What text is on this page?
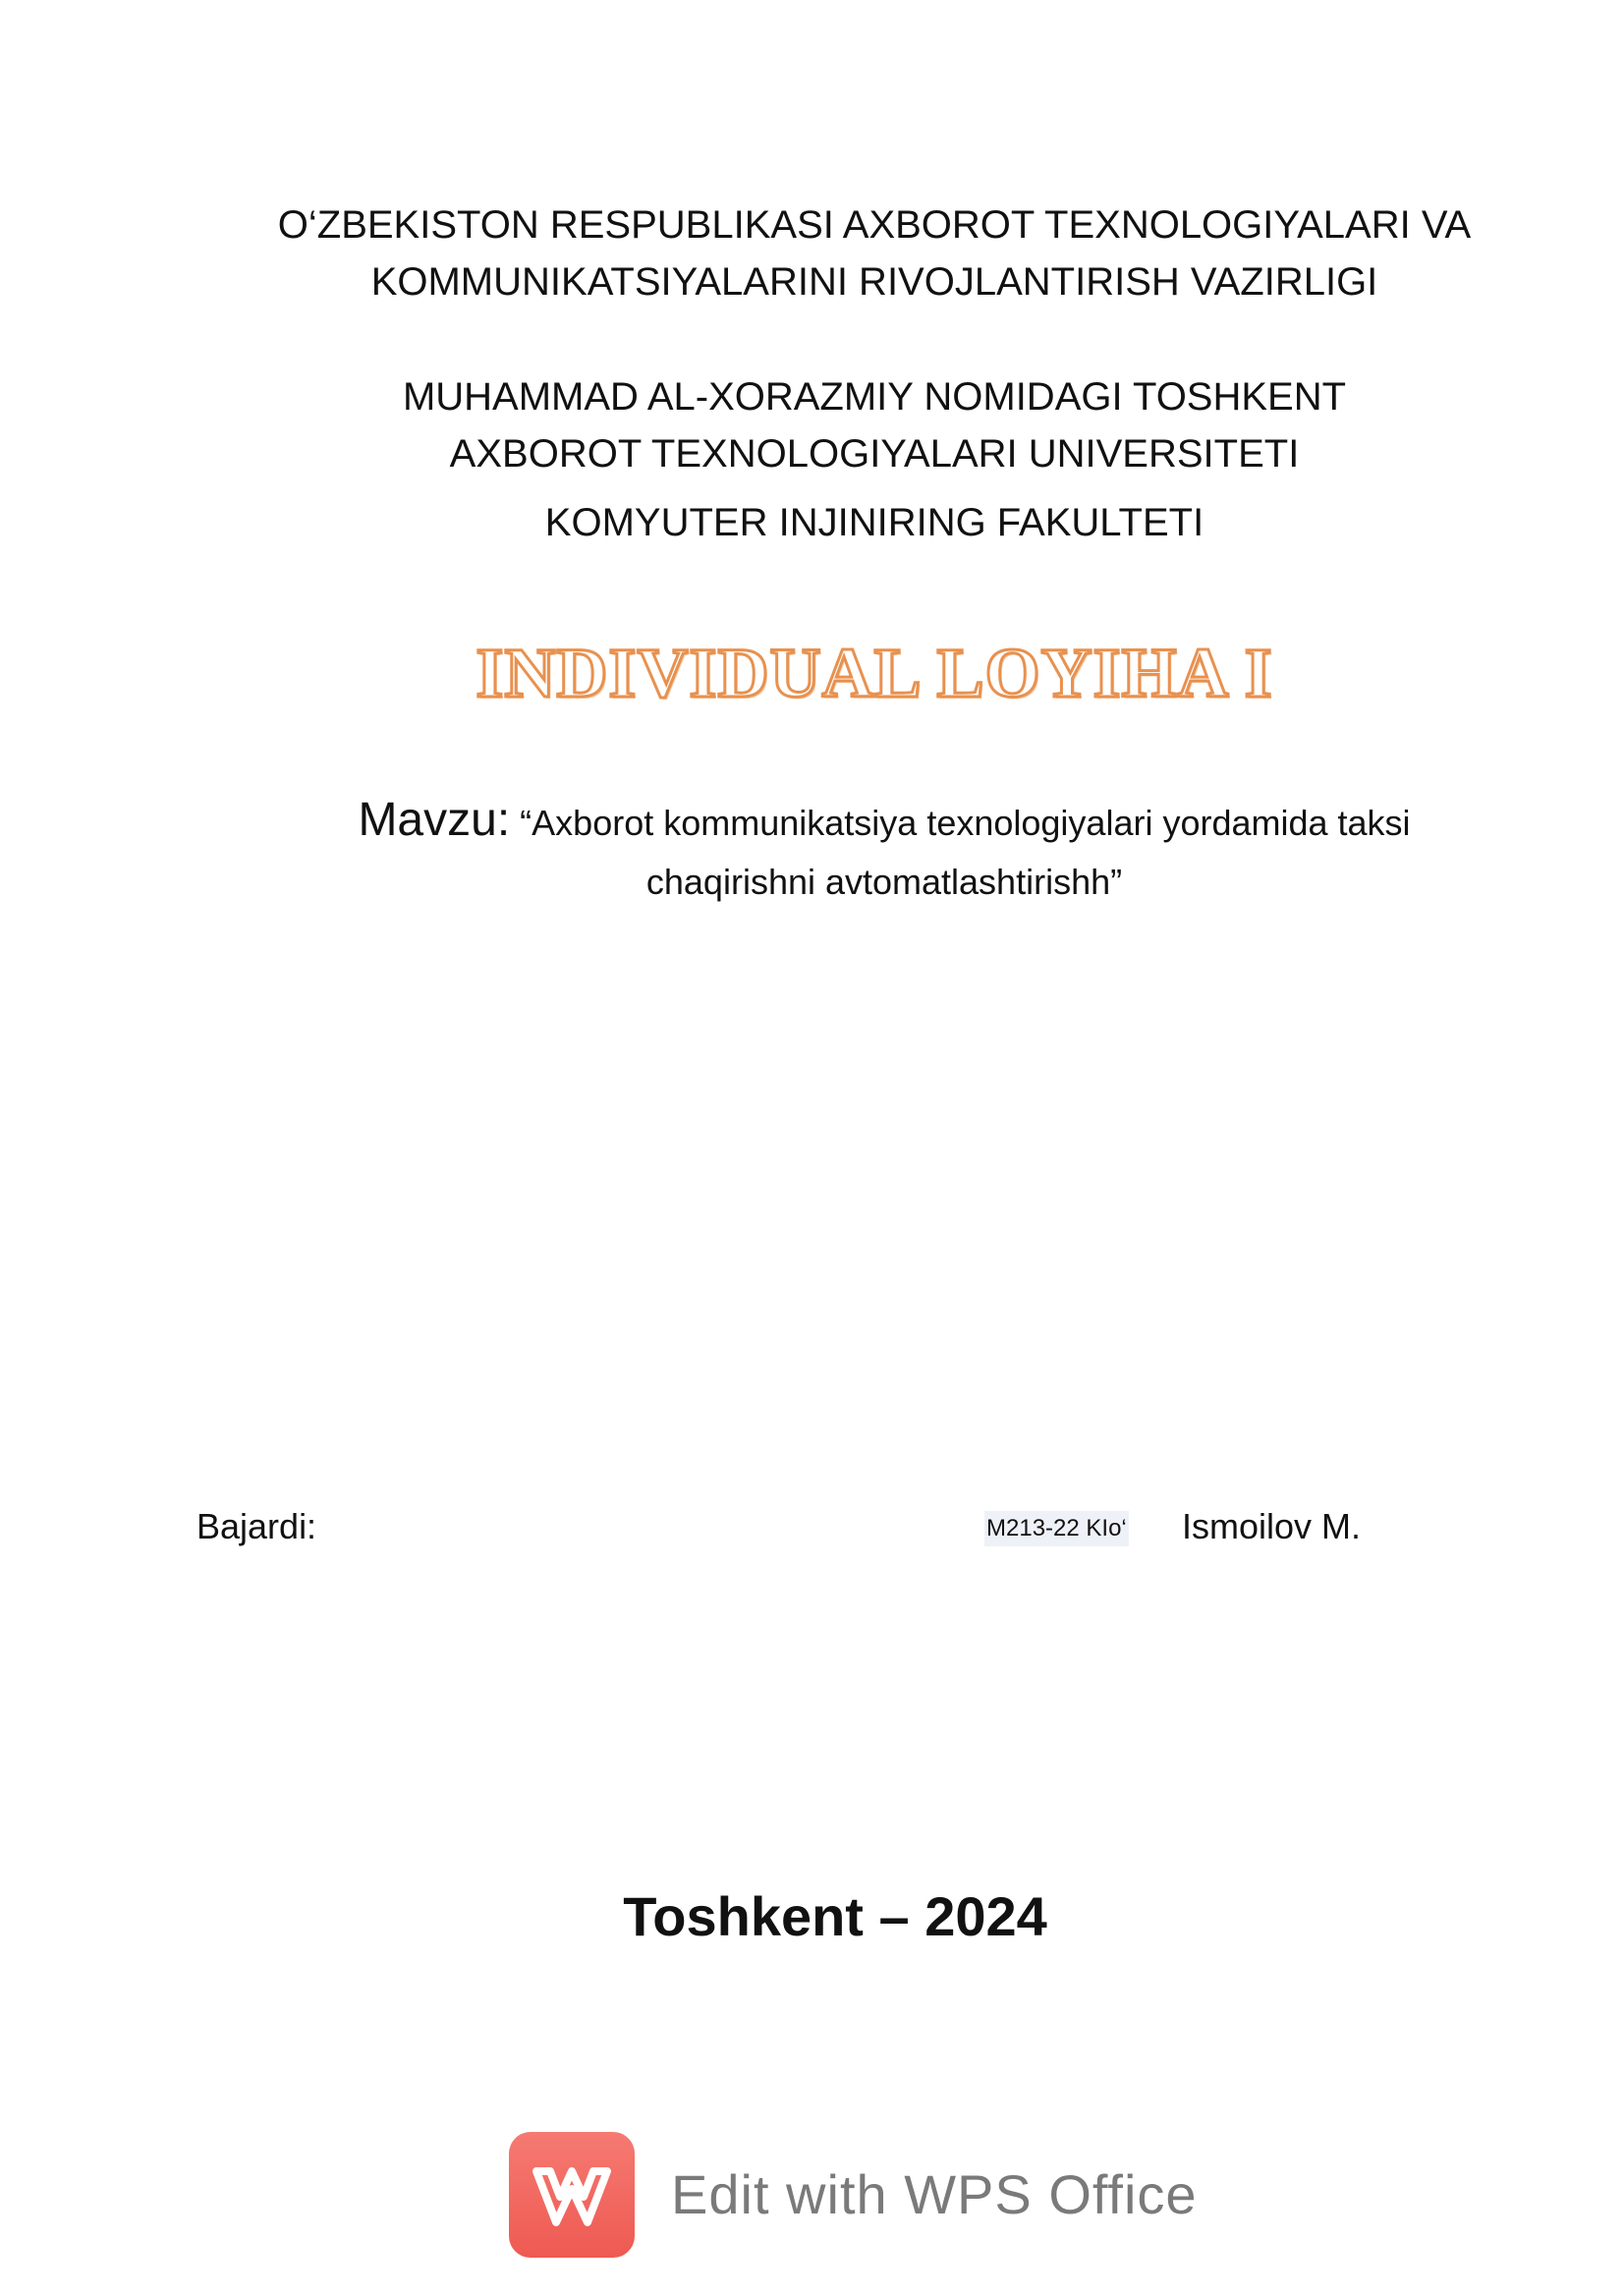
O‘ZBEKISTON RESPUBLIKASI AXBOROT TEXNOLOGIYALARI VA
KOMMUNIKATSIYALARINI RIVOJLANTIRISH VAZIRLIGI
MUHAMMAD AL-XORAZMIY NOMIDAGI TOSHKENT
AXBOROT TEXNOLOGIYALARI UNIVERSITETI
KOMYUTER INJINIRING FAKULTETI
INDIVIDUAL LOYIHA I
Mavzu: “Axborot kommunikatsiya texnologiyalari yordamida taksi
chaqirishni avtomatlashtirishh”
Bajardi:	M213-22 KIo‘ Ismoilov M.
Toshkent – 2024
Edit with WPS Office
